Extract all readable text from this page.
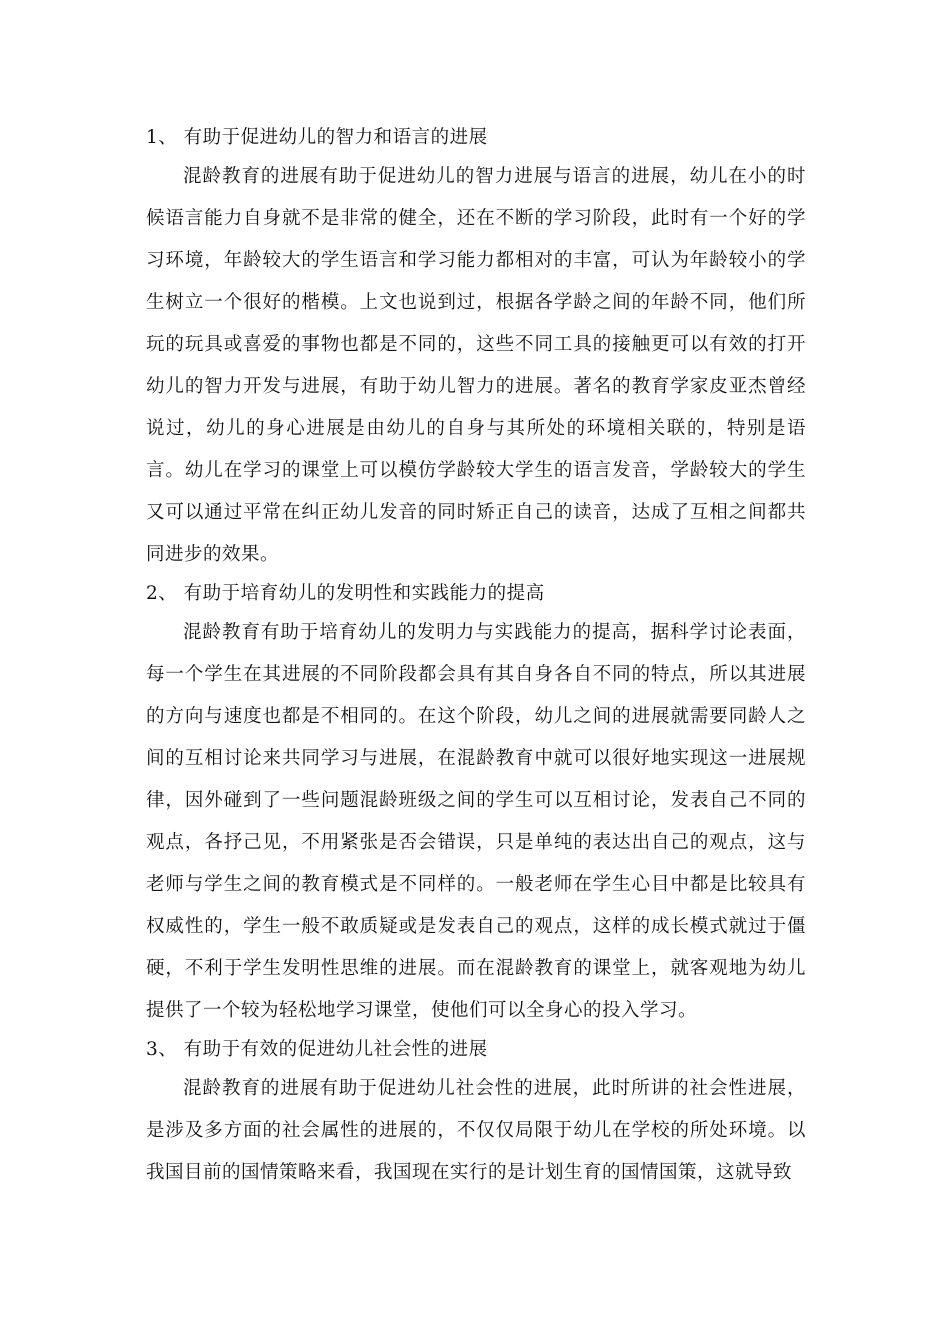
1、 有助于促进幼儿的智力和语言的进展

混龄教育的进展有助于促进幼儿的智力进展与语言的进展，幼儿在小的时候语言能力自身就不是非常的健全，还在不断的学习阶段，此时有一个好的学习环境，年龄较大的学生语言和学习能力都相对的丰富，可认为年龄较小的学生树立一个很好的楷模。上文也说到过，根据各学龄之间的年龄不同，他们所玩的玩具或喜爱的事物也都是不同的，这些不同工具的接触更可以有效的打开幼儿的智力开发与进展，有助于幼儿智力的进展。著名的教育学家皮亚杰曾经说过，幼儿的身心进展是由幼儿的自身与其所处的环境相关联的，特别是语言。幼儿在学习的课堂上可以模仿学龄较大学生的语言发音，学龄较大的学生又可以通过平常在纠正幼儿发音的同时矫正自己的读音，达成了互相之间都共同进步的效果。

2、 有助于培育幼儿的发明性和实践能力的提高

混龄教育有助于培育幼儿的发明力与实践能力的提高，据科学讨论表面，每一个学生在其进展的不同阶段都会具有其自身各自不同的特点，所以其进展的方向与速度也都是不相同的。在这个阶段，幼儿之间的进展就需要同龄人之间的互相讨论来共同学习与进展，在混龄教育中就可以很好地实现这一进展规律，因外碰到了一些问题混龄班级之间的学生可以互相讨论，发表自己不同的观点，各抒己见，不用紧张是否会错误，只是单纯的表达出自己的观点，这与老师与学生之间的教育模式是不同样的。一般老师在学生心目中都是比较具有权威性的，学生一般不敢质疑或是发表自己的观点，这样的成长模式就过于僵硬，不利于学生发明性思维的进展。而在混龄教育的课堂上，就客观地为幼儿提供了一个较为轻松地学习课堂，使他们可以全身心的投入学习。

3、 有助于有效的促进幼儿社会性的进展

混龄教育的进展有助于促进幼儿社会性的进展，此时所讲的社会性进展，是涉及多方面的社会属性的进展的，不仅仅局限于幼儿在学校的所处环境。以我国目前的国情策略来看，我国现在实行的是计划生育的国情国策，这就导致
